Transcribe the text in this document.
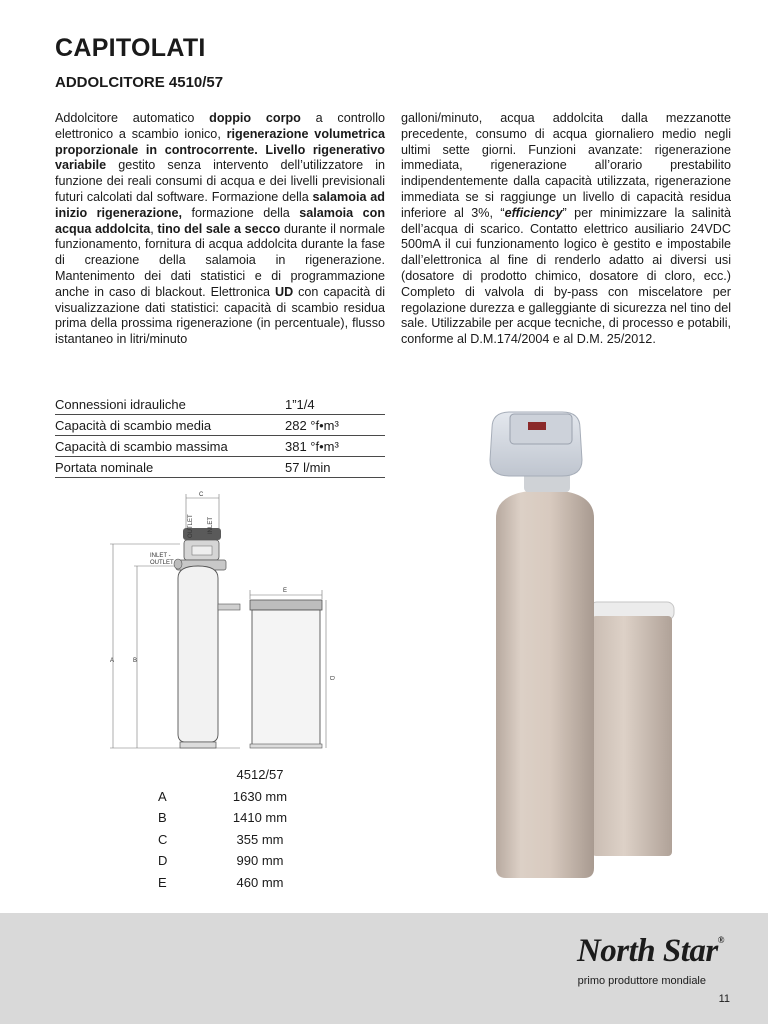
CAPITOLATI
ADDOLCITORE 4510/57

Addolcitore automatico doppio corpo a controllo elettronico a scambio ionico, rigenerazione volumetrica proporzionale in controcorrente. Livello rigenerativo variabile gestito senza intervento dell’utilizzatore in funzione dei reali consumi di acqua e dei livelli previsionali futuri calcolati dal software. Formazione della salamoia ad inizio rigenerazione, formazione della salamoia con acqua addolcita, tino del sale a secco durante il normale funzionamento, fornitura di acqua addolcita durante la fase di creazione della salamoia in rigenerazione. Mantenimento dei dati statistici e di programmazione anche in caso di blackout. Elettronica UD con capacità di visualizzazione dati statistici: capacità di scambio residua prima della prossima rigenerazione (in percentuale), flusso istantaneo in litri/minuto

galloni/minuto, acqua addolcita dalla mezzanotte precedente, consumo di acqua giornaliero medio negli ultimi sette giorni. Funzioni avanzate: rigenerazione immediata, rigenerazione all’orario prestabilito indipendentemente dalla capacità utilizzata, rigenerazione immediata se si raggiunge un livello di capacità residua inferiore al 3%, “efficiency” per minimizzare la salinità dell’acqua di scarico. Contatto elettrico ausiliario 24VDC 500mA il cui funzionamento logico è gestito e impostabile dall’elettronica al fine di renderlo adatto ai diversi usi (dosatore di prodotto chimico, dosatore di cloro, ecc.) Completo di valvola di by-pass con miscelatore per regolazione durezza e galleggiante di sicurezza nel tino del sale. Utilizzabile per acque tecniche, di processo e potabili, conforme al D.M.174/2004 e al D.M. 25/2012.

Connessioni idrauliche	1”1/4
Capacità di scambio media	282 °f•m³
Capacità di scambio massima	381 °f•m³
Portata nominale	57 l/min
C
OUTLET INLET
INLET -
OUTLET
A	B
E
D
	4512/57
A	1630 mm
B	1410 mm
C	355 mm
D	990 mm
E	460 mm
North Star®
primo produttore mondiale
11
